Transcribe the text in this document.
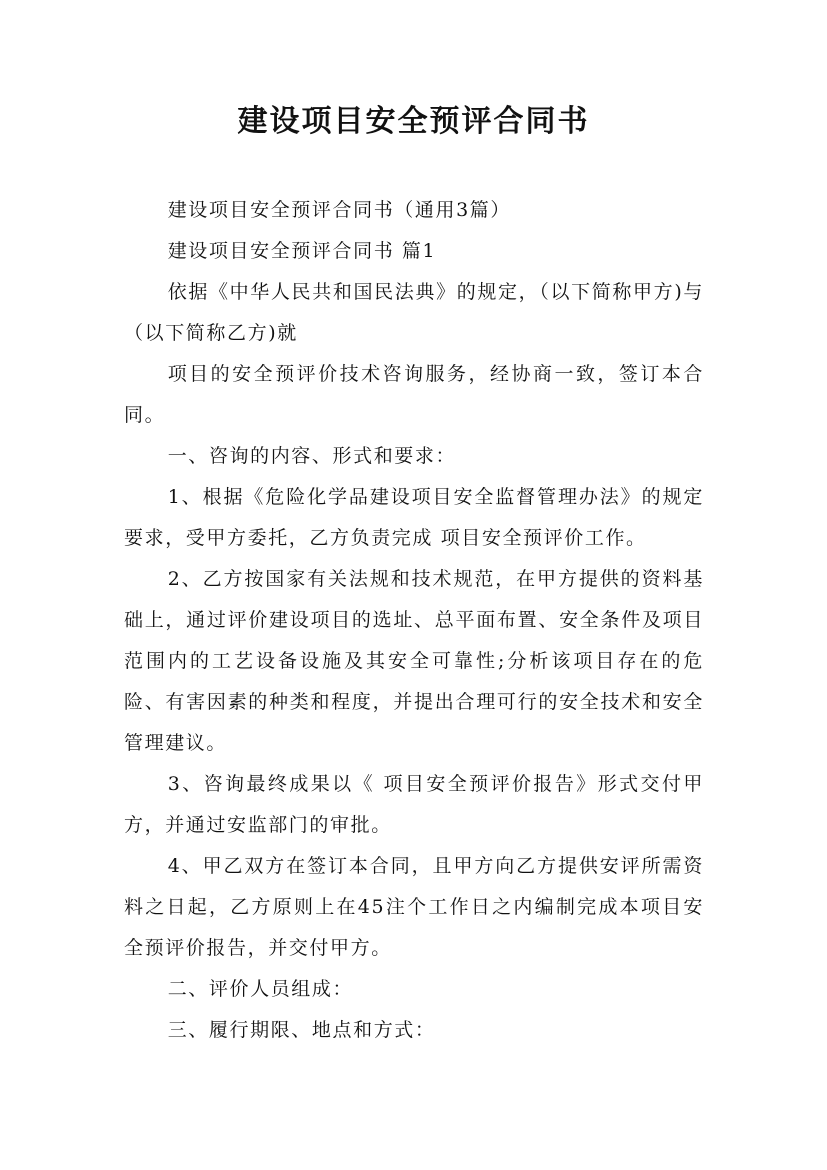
建设项目安全预评合同书

建设项目安全预评合同书（通用3篇）

建设项目安全预评合同书 篇1

依据《中华人民共和国民法典》的规定，（以下简称甲方)与（以下简称乙方)就

项目的安全预评价技术咨询服务，经协商一致，签订本合同。

一、咨询的内容、形式和要求：

1、根据《危险化学品建设项目安全监督管理办法》的规定要求，受甲方委托，乙方负责完成 项目安全预评价工作。

2、乙方按国家有关法规和技术规范，在甲方提供的资料基础上，通过评价建设项目的选址、总平面布置、安全条件及项目范围内的工艺设备设施及其安全可靠性;分析该项目存在的危险、有害因素的种类和程度，并提出合理可行的安全技术和安全管理建议。

3、咨询最终成果以《 项目安全预评价报告》形式交付甲方，并通过安监部门的审批。

4、甲乙双方在签订本合同，且甲方向乙方提供安评所需资料之日起，乙方原则上在45注个工作日之内编制完成本项目安全预评价报告，并交付甲方。

二、评价人员组成：

三、履行期限、地点和方式：
